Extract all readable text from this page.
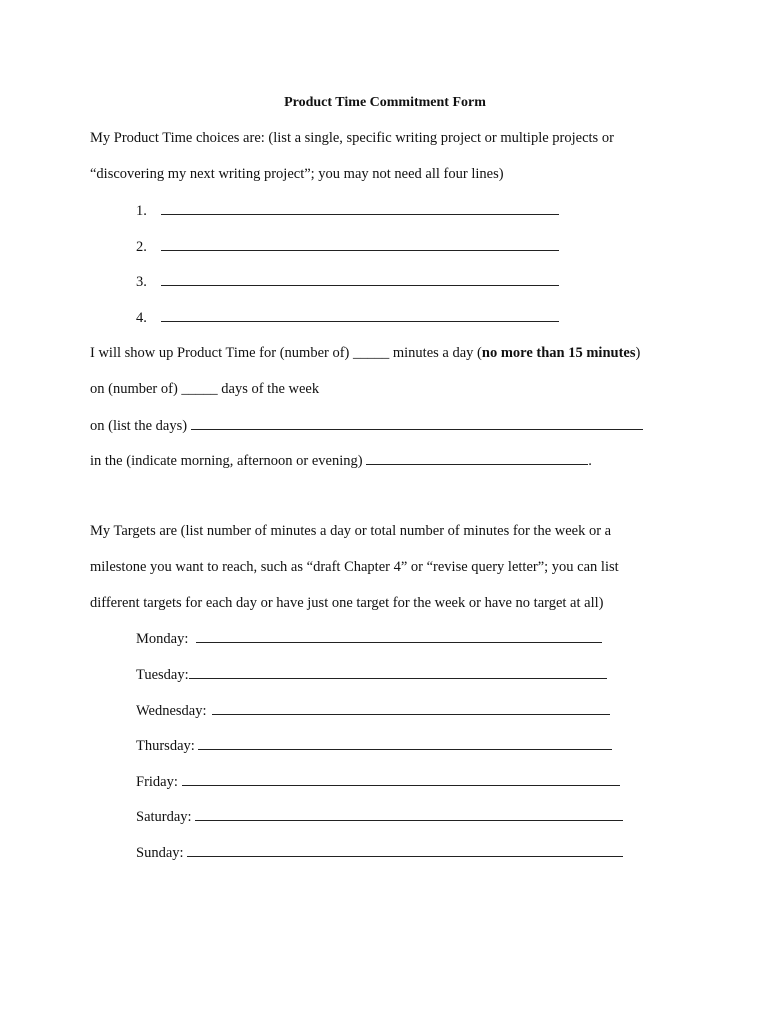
Product Time Commitment Form
My Product Time choices are: (list a single, specific writing project or multiple projects or
“discovering my next writing project”; you may not need all four lines)
1.
2.
3.
4.
I will show up Product Time for (number of) _____ minutes a day (no more than 15 minutes)
on (number of) _____ days of the week
on (list the days)
in the (indicate morning, afternoon or evening)	.
My Targets are (list number of minutes a day or total number of minutes for the week or a
milestone you want to reach, such as “draft Chapter 4” or “revise query letter”; you can list
different targets for each day or have just one target for the week or have no target at all)
Monday:
Tuesday:
Wednesday:
Thursday:
Friday:
Saturday:
Sunday:
